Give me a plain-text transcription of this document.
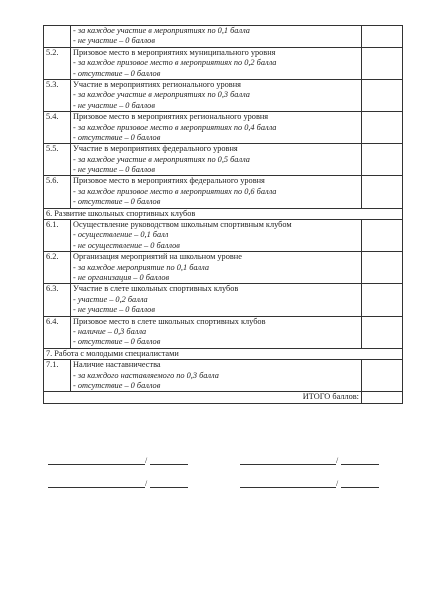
	- за каждое участие в мероприятиях по 0,1 балла
- не участие – 0 баллов	

5.2.	Призовое место в мероприятиях муниципального уровня
- за каждое призовое место в мероприятиях по 0,2 балла
- отсутствие – 0 баллов	

5.3.	Участие в мероприятиях регионального уровня
- за каждое участие в мероприятиях по 0,3 балла
- не участие – 0 баллов	

5.4.	Призовое место в мероприятиях регионального уровня
- за каждое призовое место в мероприятиях по 0,4 балла
- отсутствие – 0 баллов	

5.5.	Участие в мероприятиях федерального уровня
- за каждое участие в мероприятиях по 0,5 балла
- не участие – 0 баллов	

5.6.	Призовое место в мероприятиях федерального уровня
- за каждое призовое место в мероприятиях по 0,6 балла
- отсутствие – 0 баллов	

6. Развитие школьных спортивных клубов		
6.1.	Осуществление руководством школьным спортивным клубом
- осуществление – 0,1 балл
- не осуществление – 0 баллов	

6.2.	Организация мероприятий на школьном уровне
- за каждое мероприятие по 0,1 балла
- не организация – 0 баллов	

6.3.	Участие в слете школьных спортивных клубов
- участие – 0,2 балла
- не участие – 0 баллов	

6.4.	Призовое место в слете школьных спортивных клубов
- наличие – 0,3 балла
- отсутствие – 0 баллов	

7. Работа с молодыми специалистами		
7.1.	Наличие наставничества
- за каждого наставляемого по 0,3 балла
- отсутствие – 0 баллов	

ИТОГО баллов:		
/	/
/	/
